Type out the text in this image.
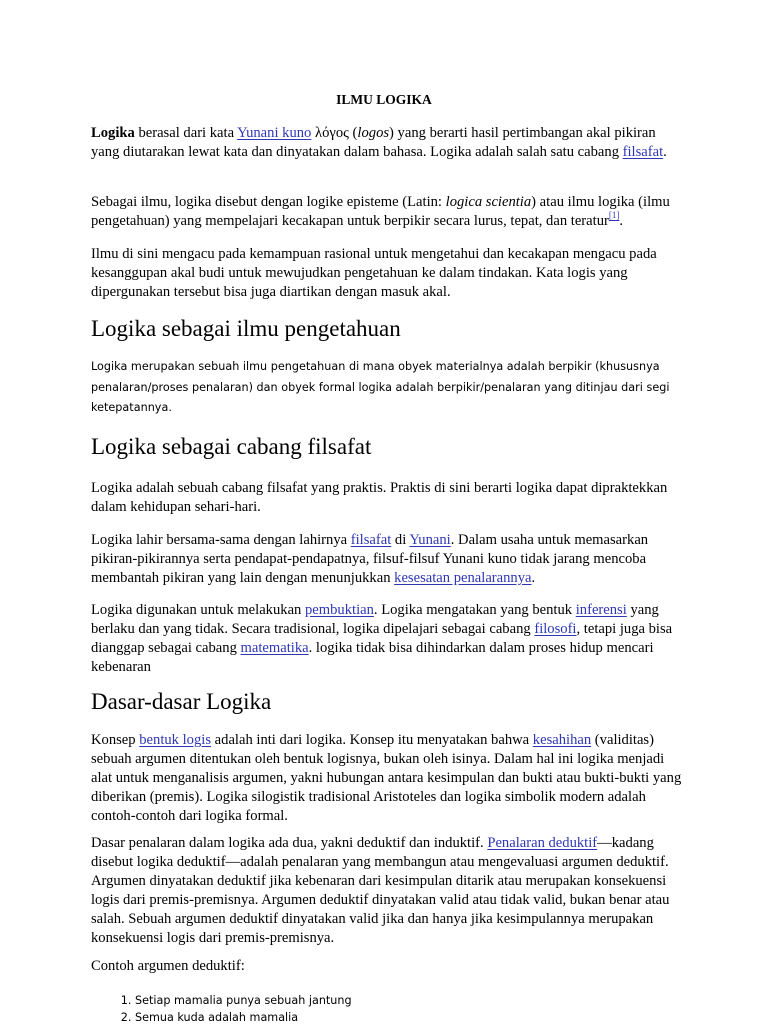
ILMU LOGIKA

Logika berasal dari kata Yunani kuno λόγος (logos) yang berarti hasil pertimbangan akal pikiran yang diutarakan lewat kata dan dinyatakan dalam bahasa. Logika adalah salah satu cabang filsafat.

Sebagai ilmu, logika disebut dengan logike episteme (Latin: logica scientia) atau ilmu logika (ilmu pengetahuan) yang mempelajari kecakapan untuk berpikir secara lurus, tepat, dan teratur[1].

Ilmu di sini mengacu pada kemampuan rasional untuk mengetahui dan kecakapan mengacu pada kesanggupan akal budi untuk mewujudkan pengetahuan ke dalam tindakan. Kata logis yang dipergunakan tersebut bisa juga diartikan dengan masuk akal.

Logika sebagai ilmu pengetahuan

Logika merupakan sebuah ilmu pengetahuan di mana obyek materialnya adalah berpikir (khususnya penalaran/proses penalaran) dan obyek formal logika adalah berpikir/penalaran yang ditinjau dari segi ketepatannya.

Logika sebagai cabang filsafat

Logika adalah sebuah cabang filsafat yang praktis. Praktis di sini berarti logika dapat dipraktekkan dalam kehidupan sehari-hari.

Logika lahir bersama-sama dengan lahirnya filsafat di Yunani. Dalam usaha untuk memasarkan pikiran-pikirannya serta pendapat-pendapatnya, filsuf-filsuf Yunani kuno tidak jarang mencoba membantah pikiran yang lain dengan menunjukkan kesesatan penalarannya.

Logika digunakan untuk melakukan pembuktian. Logika mengatakan yang bentuk inferensi yang berlaku dan yang tidak. Secara tradisional, logika dipelajari sebagai cabang filosofi, tetapi juga bisa dianggap sebagai cabang matematika. logika tidak bisa dihindarkan dalam proses hidup mencari kebenaran

Dasar-dasar Logika

Konsep bentuk logis adalah inti dari logika. Konsep itu menyatakan bahwa kesahihan (validitas) sebuah argumen ditentukan oleh bentuk logisnya, bukan oleh isinya. Dalam hal ini logika menjadi alat untuk menganalisis argumen, yakni hubungan antara kesimpulan dan bukti atau bukti-bukti yang diberikan (premis). Logika silogistik tradisional Aristoteles dan logika simbolik modern adalah contoh-contoh dari logika formal.

Dasar penalaran dalam logika ada dua, yakni deduktif dan induktif. Penalaran deduktif—kadang disebut logika deduktif—adalah penalaran yang membangun atau mengevaluasi argumen deduktif. Argumen dinyatakan deduktif jika kebenaran dari kesimpulan ditarik atau merupakan konsekuensi logis dari premis-premisnya. Argumen deduktif dinyatakan valid atau tidak valid, bukan benar atau salah. Sebuah argumen deduktif dinyatakan valid jika dan hanya jika kesimpulannya merupakan konsekuensi logis dari premis-premisnya.

Contoh argumen deduktif:

1. Setiap mamalia punya sebuah jantung
2. Semua kuda adalah mamalia
